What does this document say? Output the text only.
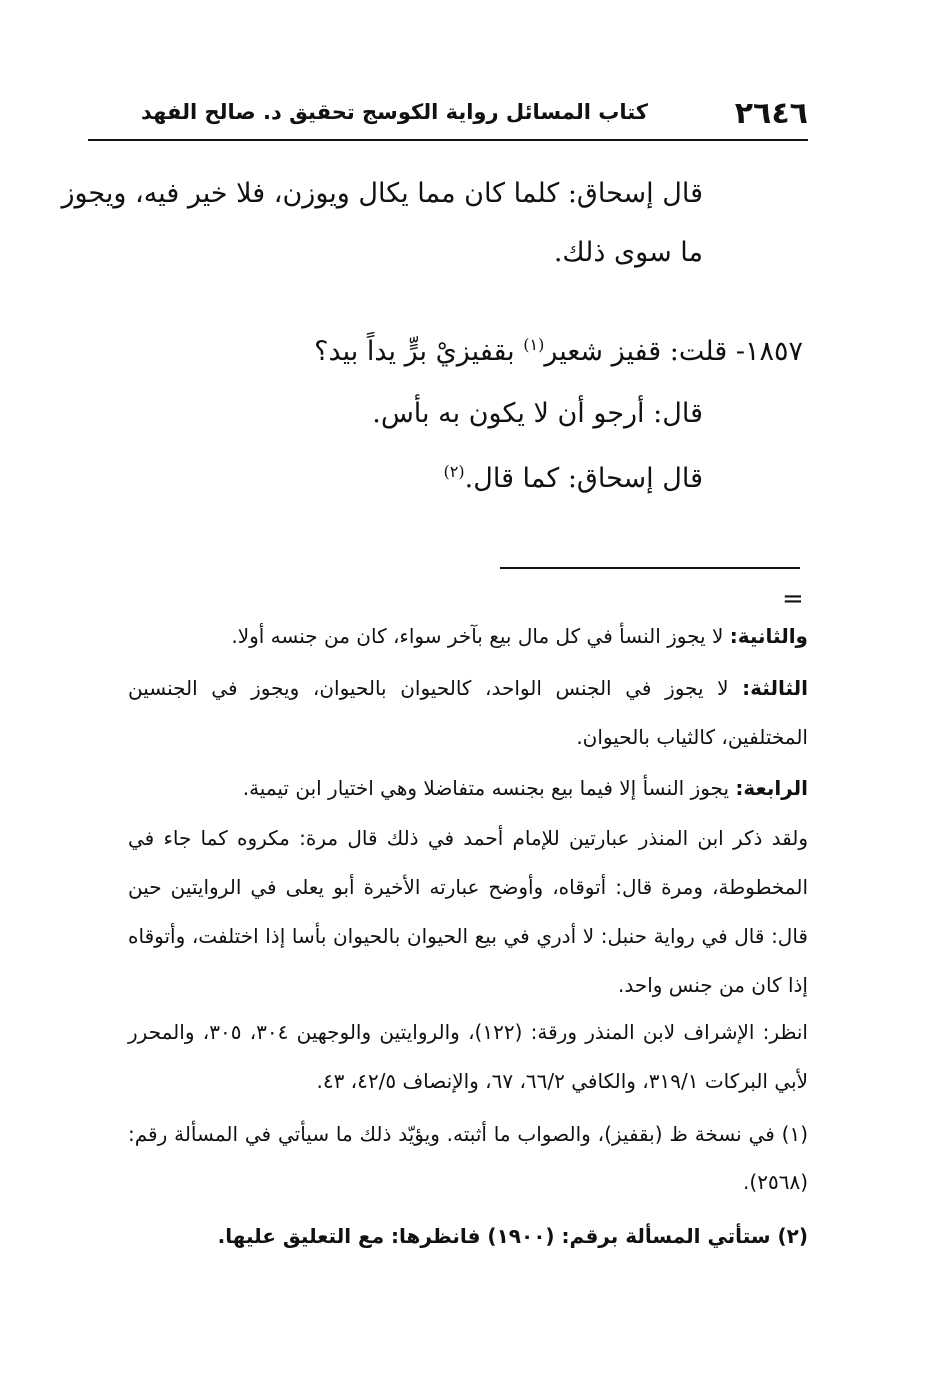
٢٦٤٦
كتاب المسائل رواية الكوسج تحقيق د. صالح الفهد
قال إسحاق: كلما كان مما يكال ويوزن، فلا خير فيه، ويجوز
ما سوى ذلك.
١٨٥٧- قلت: قفيز شعير$^{(١)}$ بقفيزيْ برٍّ يداً بيد؟
قال: أرجو أن لا يكون به بأس.
قال إسحاق: كما قال.$^{(٢)}$
=
والثانية: لا يجوز النسأ في كل مال بيع بآخر سواء، كان من جنسه أولا.
الثالثة: لا يجوز في الجنس الواحد، كالحيوان بالحيوان، ويجوز في الجنسين المختلفين، كالثياب بالحيوان.
الرابعة: يجوز النسأ إلا فيما بيع بجنسه متفاضلا وهي اختيار ابن تيمية.
ولقد ذكر ابن المنذر عبارتين للإمام أحمد في ذلك قال مرة: مكروه كما جاء في المخطوطة، ومرة قال: أتوقاه، وأوضح عبارته الأخيرة أبو يعلى في الروايتين حين قال: قال في رواية حنبل: لا أدري في بيع الحيوان بالحيوان بأسا إذا اختلفت، وأتوقاه إذا كان من جنس واحد.
انظر: الإشراف لابن المنذر ورقة: (١٢٢)، والروايتين والوجهين ٣٠٤، ٣٠٥، والمحرر لأبي البركات ٣١٩/١، والكافي ٦٦/٢، ٦٧، والإنصاف ٤٢/٥، ٤٣.
(١) في نسخة ظ (بقفيز)، والصواب ما أثبته. ويؤيّد ذلك ما سيأتي في المسألة رقم: (٢٥٦٨).
(٢) ستأتي المسألة برقم: (١٩٠٠) فانظرها: مع التعليق عليها.
